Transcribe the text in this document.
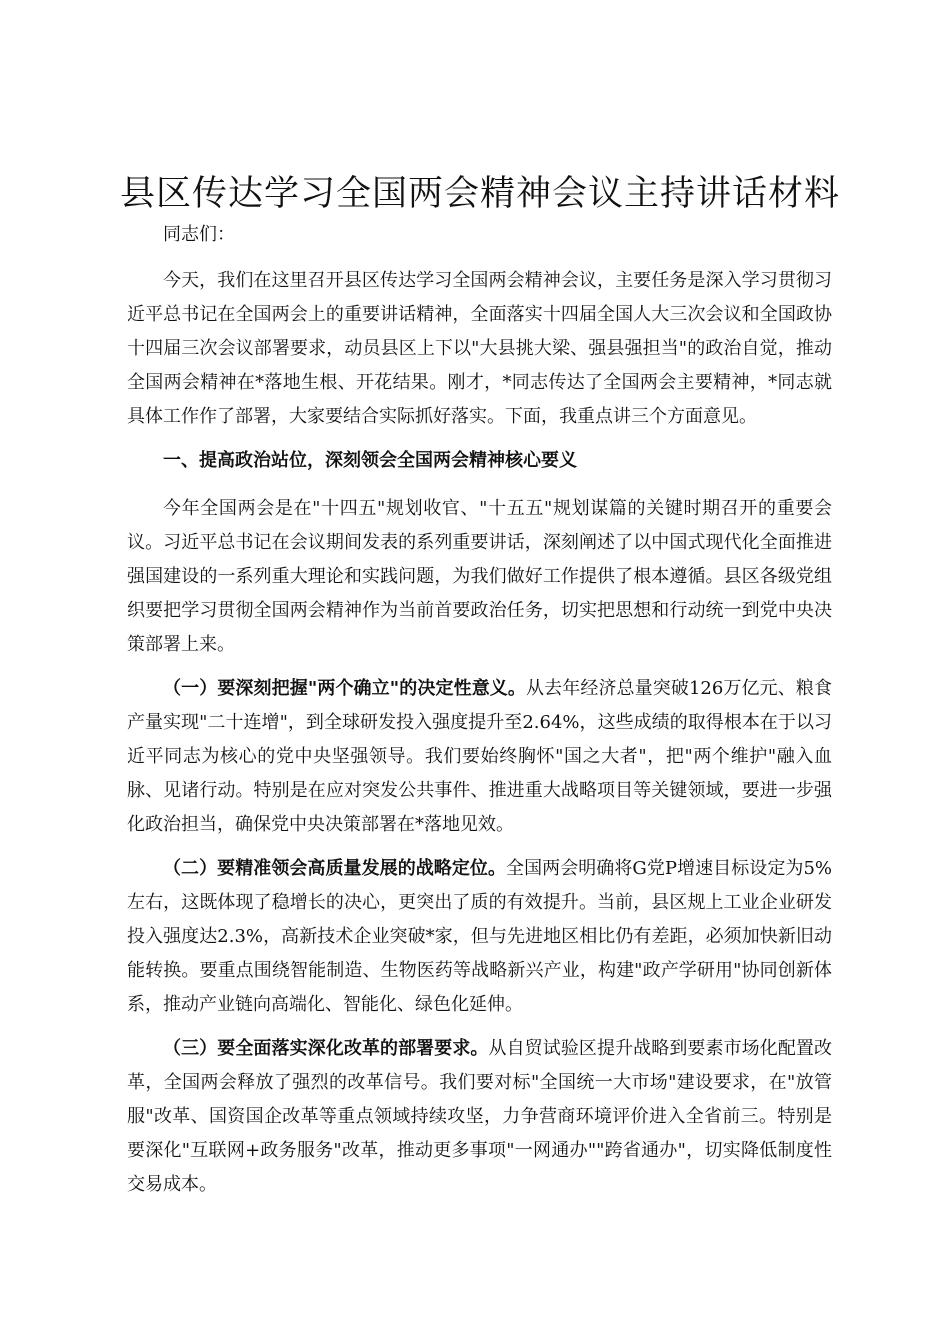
县区传达学习全国两会精神会议主持讲话材料

同志们：

今天，我们在这里召开县区传达学习全国两会精神会议，主要任务是深入学习贯彻习近平总书记在全国两会上的重要讲话精神，全面落实十四届全国人大三次会议和全国政协十四届三次会议部署要求，动员县区上下以"大县挑大梁、强县强担当"的政治自觉，推动全国两会精神在*落地生根、开花结果。刚才，*同志传达了全国两会主要精神，*同志就具体工作作了部署，大家要结合实际抓好落实。下面，我重点讲三个方面意见。

一、提高政治站位，深刻领会全国两会精神核心要义

今年全国两会是在"十四五"规划收官、"十五五"规划谋篇的关键时期召开的重要会议。习近平总书记在会议期间发表的系列重要讲话，深刻阐述了以中国式现代化全面推进强国建设的一系列重大理论和实践问题，为我们做好工作提供了根本遵循。县区各级党组织要把学习贯彻全国两会精神作为当前首要政治任务，切实把思想和行动统一到党中央决策部署上来。

（一）要深刻把握"两个确立"的决定性意义。从去年经济总量突破126万亿元、粮食产量实现"二十连增"，到全球研发投入强度提升至2.64%，这些成绩的取得根本在于以习近平同志为核心的党中央坚强领导。我们要始终胸怀"国之大者"，把"两个维护"融入血脉、见诸行动。特别是在应对突发公共事件、推进重大战略项目等关键领域，要进一步强化政治担当，确保党中央决策部署在*落地见效。

（二）要精准领会高质量发展的战略定位。全国两会明确将G党P增速目标设定为5%左右，这既体现了稳增长的决心，更突出了质的有效提升。当前，县区规上工业企业研发投入强度达2.3%，高新技术企业突破*家，但与先进地区相比仍有差距，必须加快新旧动能转换。要重点围绕智能制造、生物医药等战略新兴产业，构建"政产学研用"协同创新体系，推动产业链向高端化、智能化、绿色化延伸。

（三）要全面落实深化改革的部署要求。从自贸试验区提升战略到要素市场化配置改革，全国两会释放了强烈的改革信号。我们要对标"全国统一大市场"建设要求，在"放管服"改革、国资国企改革等重点领域持续攻坚，力争营商环境评价进入全省前三。特别是要深化"互联网+政务服务"改革，推动更多事项"一网通办""跨省通办"，切实降低制度性交易成本。
